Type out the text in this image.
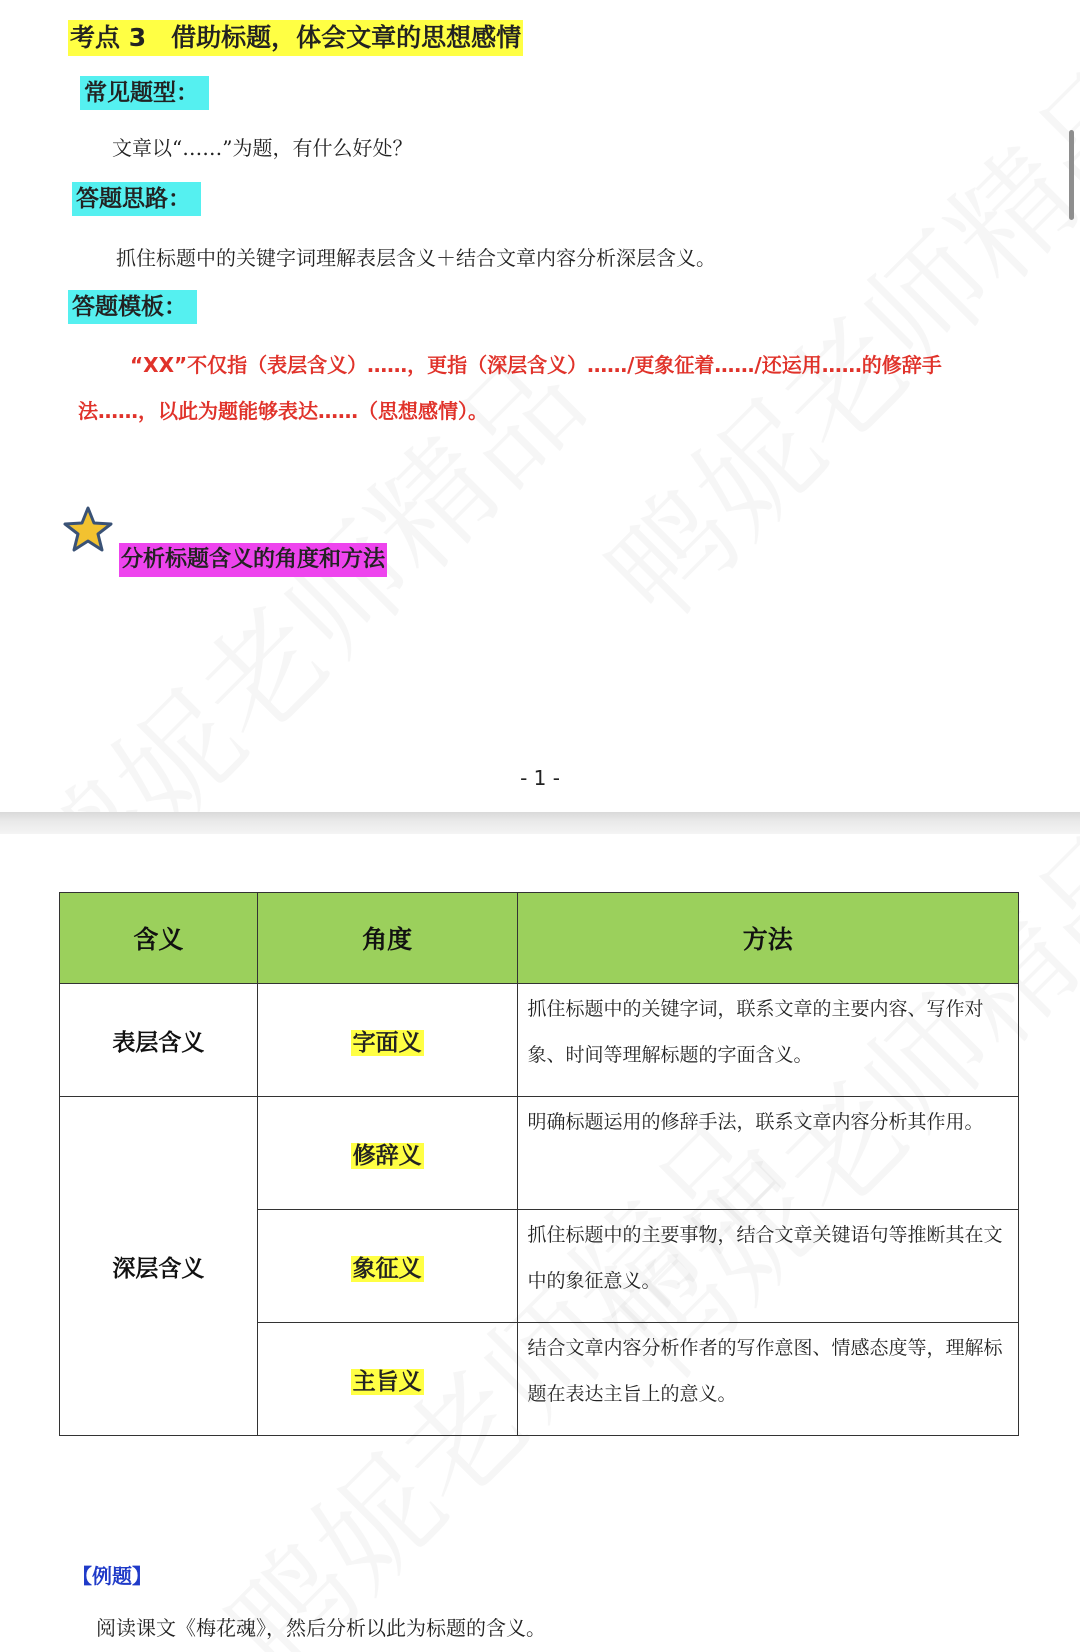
考点 3　借助标题，体会文章的思想感情
常见题型：
文章以“……”为题，有什么好处？
答题思路：
抓住标题中的关键字词理解表层含义＋结合文章内容分析深层含义。
答题模板：
“XX”不仅指（表层含义）……，更指（深层含义）……/更象征着……/还运用……的修辞手法……，以此为题能够表达……（思想感情）。
分析标题含义的角度和方法
- 1 -
含义	角度	方法
表层含义	字面义	抓住标题中的关键字词，联系文章的主要内容、写作对象、时间等理解标题的字面含义。
深层含义	修辞义	明确标题运用的修辞手法，联系文章内容分析其作用。
	象征义	抓住标题中的主要事物，结合文章关键语句等推断其在文中的象征意义。
	主旨义	结合文章内容分析作者的写作意图、情感态度等，理解标题在表达主旨上的意义。
【例题】
阅读课文《梅花魂》，然后分析以此为标题的含义。
